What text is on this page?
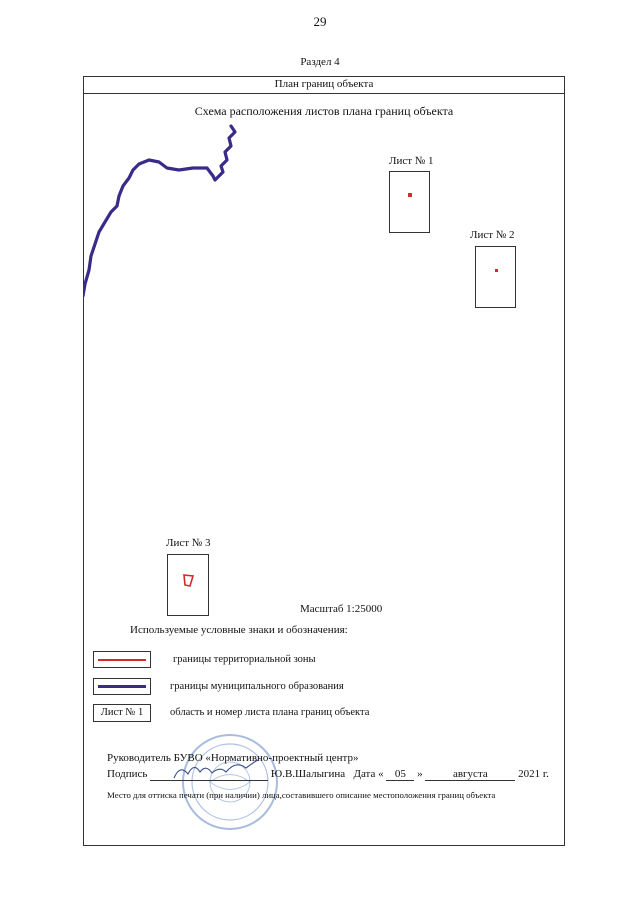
29
Раздел 4
План границ объекта
Схема расположения листов плана границ объекта
Лист № 1
Лист № 2
Лист № 3
Масштаб 1:25000
Используемые условные знаки и обозначения:
границы территориальной зоны
границы муниципального образования
Лист № 1	область и номер листа плана границ объекта
Руководитель БУВО «Нормативно-проектный центр»
Подпись	Ю.В.Шалыгина Дата « 05 »	августа	2021 г.
Место для оттиска печати (при наличии) лица,составившего описание местоположения границ объекта
